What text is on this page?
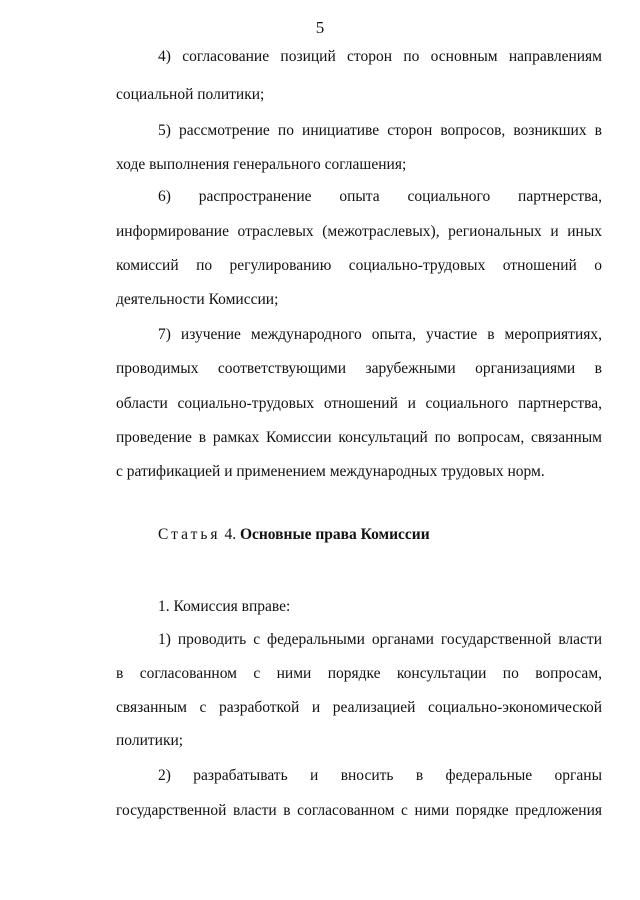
5
4) согласование позиций сторон по основным направлениям
социальной политики;
5) рассмотрение по инициативе сторон вопросов, возникших в
ходе выполнения генерального соглашения;
6) распространение опыта социального партнерства,
информирование отраслевых (межотраслевых), региональных и иных
комиссий по регулированию социально-трудовых отношений о
деятельности Комиссии;
7) изучение международного опыта, участие в мероприятиях,
проводимых соответствующими зарубежными организациями в
области социально-трудовых отношений и социального партнерства,
проведение в рамках Комиссии консультаций по вопросам, связанным
с ратификацией и применением международных трудовых норм.
Статья 4. Основные права Комиссии
1. Комиссия вправе:
1) проводить с федеральными органами государственной власти
в согласованном с ними порядке консультации по вопросам,
связанным с разработкой и реализацией социально-экономической
политики;
2) разрабатывать и вносить в федеральные органы
государственной власти в согласованном с ними порядке предложения
